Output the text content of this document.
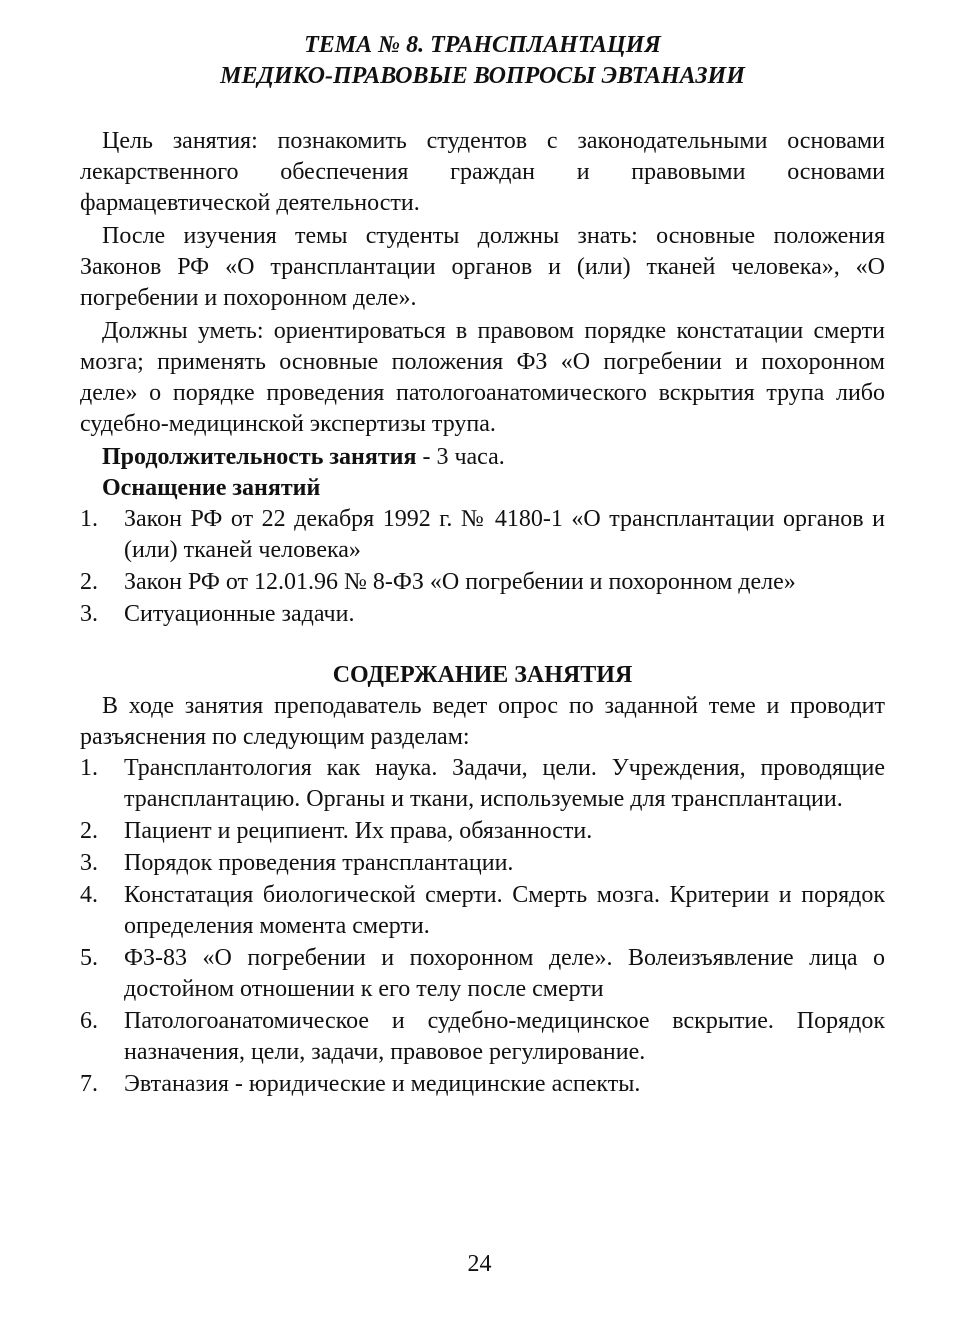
ТЕМА № 8. ТРАНСПЛАНТАЦИЯ
МЕДИКО-ПРАВОВЫЕ ВОПРОСЫ ЭВТАНАЗИИ

Цель занятия: познакомить студентов с законодательными основами лекарственного обеспечения граждан и правовыми основами фармацевтической деятельности.

После изучения темы студенты должны знать: основные положения Законов РФ «О трансплантации органов и (или) тканей человека», «О погребении и похоронном деле».

Должны уметь: ориентироваться в правовом порядке констатации смерти мозга; применять основные положения ФЗ «О погребении и похоронном деле» о порядке проведения патологоанатомического вскрытия трупа либо судебно-медицинской экспертизы трупа.

Продолжительность занятия - 3 часа.
Оснащение занятий
1. Закон РФ от 22 декабря 1992 г. № 4180-1 «О трансплантации органов и (или) тканей человека»
2. Закон РФ от 12.01.96 № 8-ФЗ «О погребении и похоронном деле»
3. Ситуационные задачи.
СОДЕРЖАНИЕ ЗАНЯТИЯ

В ходе занятия преподаватель ведет опрос по заданной теме и проводит разъяснения по следующим разделам:

1. Трансплантология как наука. Задачи, цели. Учреждения, проводящие трансплантацию. Органы и ткани, используемые для трансплантации.
2. Пациент и реципиент. Их права, обязанности.
3. Порядок проведения трансплантации.
4. Констатация биологической смерти. Смерть мозга. Критерии и порядок определения момента смерти.
5. ФЗ-83 «О погребении и похоронном деле». Волеизъявление лица о достойном отношении к его телу после смерти
6. Патологоанатомическое и судебно-медицинское вскрытие. Порядок назначения, цели, задачи, правовое регулирование.
7. Эвтаназия - юридические и медицинские аспекты.
24
